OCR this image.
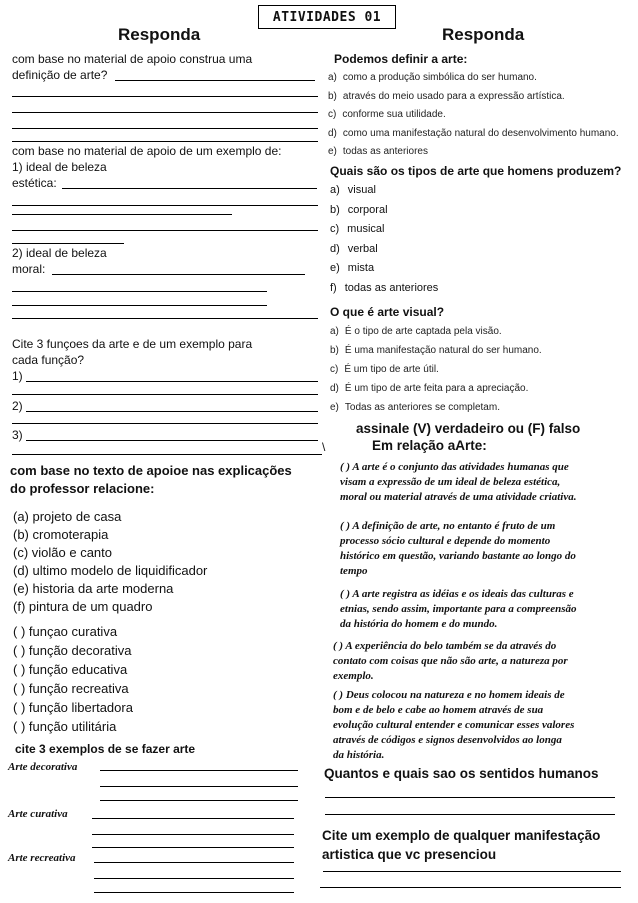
ATIVIDADES 01
Responda	Responda
com base no material de apoio construa uma
definição de arte?
com base no material de apoio de um exemplo de:
1) ideal de beleza
estética:
2) ideal de beleza
moral:
Cite 3 funçoes da arte e de um exemplo para
cada função?
1)
2)
3)
\
com base no texto de apoioe nas explicações
do professor relacione:
(a) projeto de casa
(b) cromoterapia
(c) violão e canto
(d) ultimo modelo de liquidificador
(e) historia da arte moderna
(f) pintura de um quadro
( ) funçao curativa
( ) função decorativa
( ) função educativa
( ) função recreativa
( ) função libertadora
( ) função utilitária
cite 3 exemplos de se fazer arte
Arte decorativa
Arte curativa
Arte recreativa
Podemos definir a arte:
a) como a produção simbólica do ser humano.
b) através do meio usado para a expressão artística.
c) conforme sua utilidade.
d) como uma manifestação natural do desenvolvimento humano.
e) todas as anteriores
Quais são os tipos de arte que homens produzem?
a) visual
b) corporal
c) musical
d) verbal
e) mista
f) todas as anteriores
O que é arte visual?
a) É o tipo de arte captada pela visão.
b) É uma manifestação natural do ser humano.
c) É um tipo de arte útil.
d) É um tipo de arte feita para a apreciação.
e) Todas as anteriores se completam.
assinale (V) verdadeiro ou (F) falso
Em relação aArte:
( ) A arte é o conjunto das atividades humanas que
visam a expressão de um ideal de beleza estética,
moral ou material através de uma atividade criativa.
( ) A definição de arte, no entanto é fruto de um
processo sócio cultural e depende do momento
histórico em questão, variando bastante ao longo do
tempo
( ) A arte registra as idéias e os ideais das culturas e
etnias, sendo assim, importante para a compreensão
da história do homem e do mundo.
( ) A experiência do belo também se da através do
contato com coisas que não são arte, a natureza por
exemplo.
( ) Deus colocou na natureza e no homem ideais de
bom e de belo e cabe ao homem através de sua
evolução cultural entender e comunicar esses valores
através de códigos e signos desenvolvidos ao longa
da história.
Quantos e quais sao os sentidos humanos
Cite um exemplo de qualquer manifestação
artistica que vc presenciou
